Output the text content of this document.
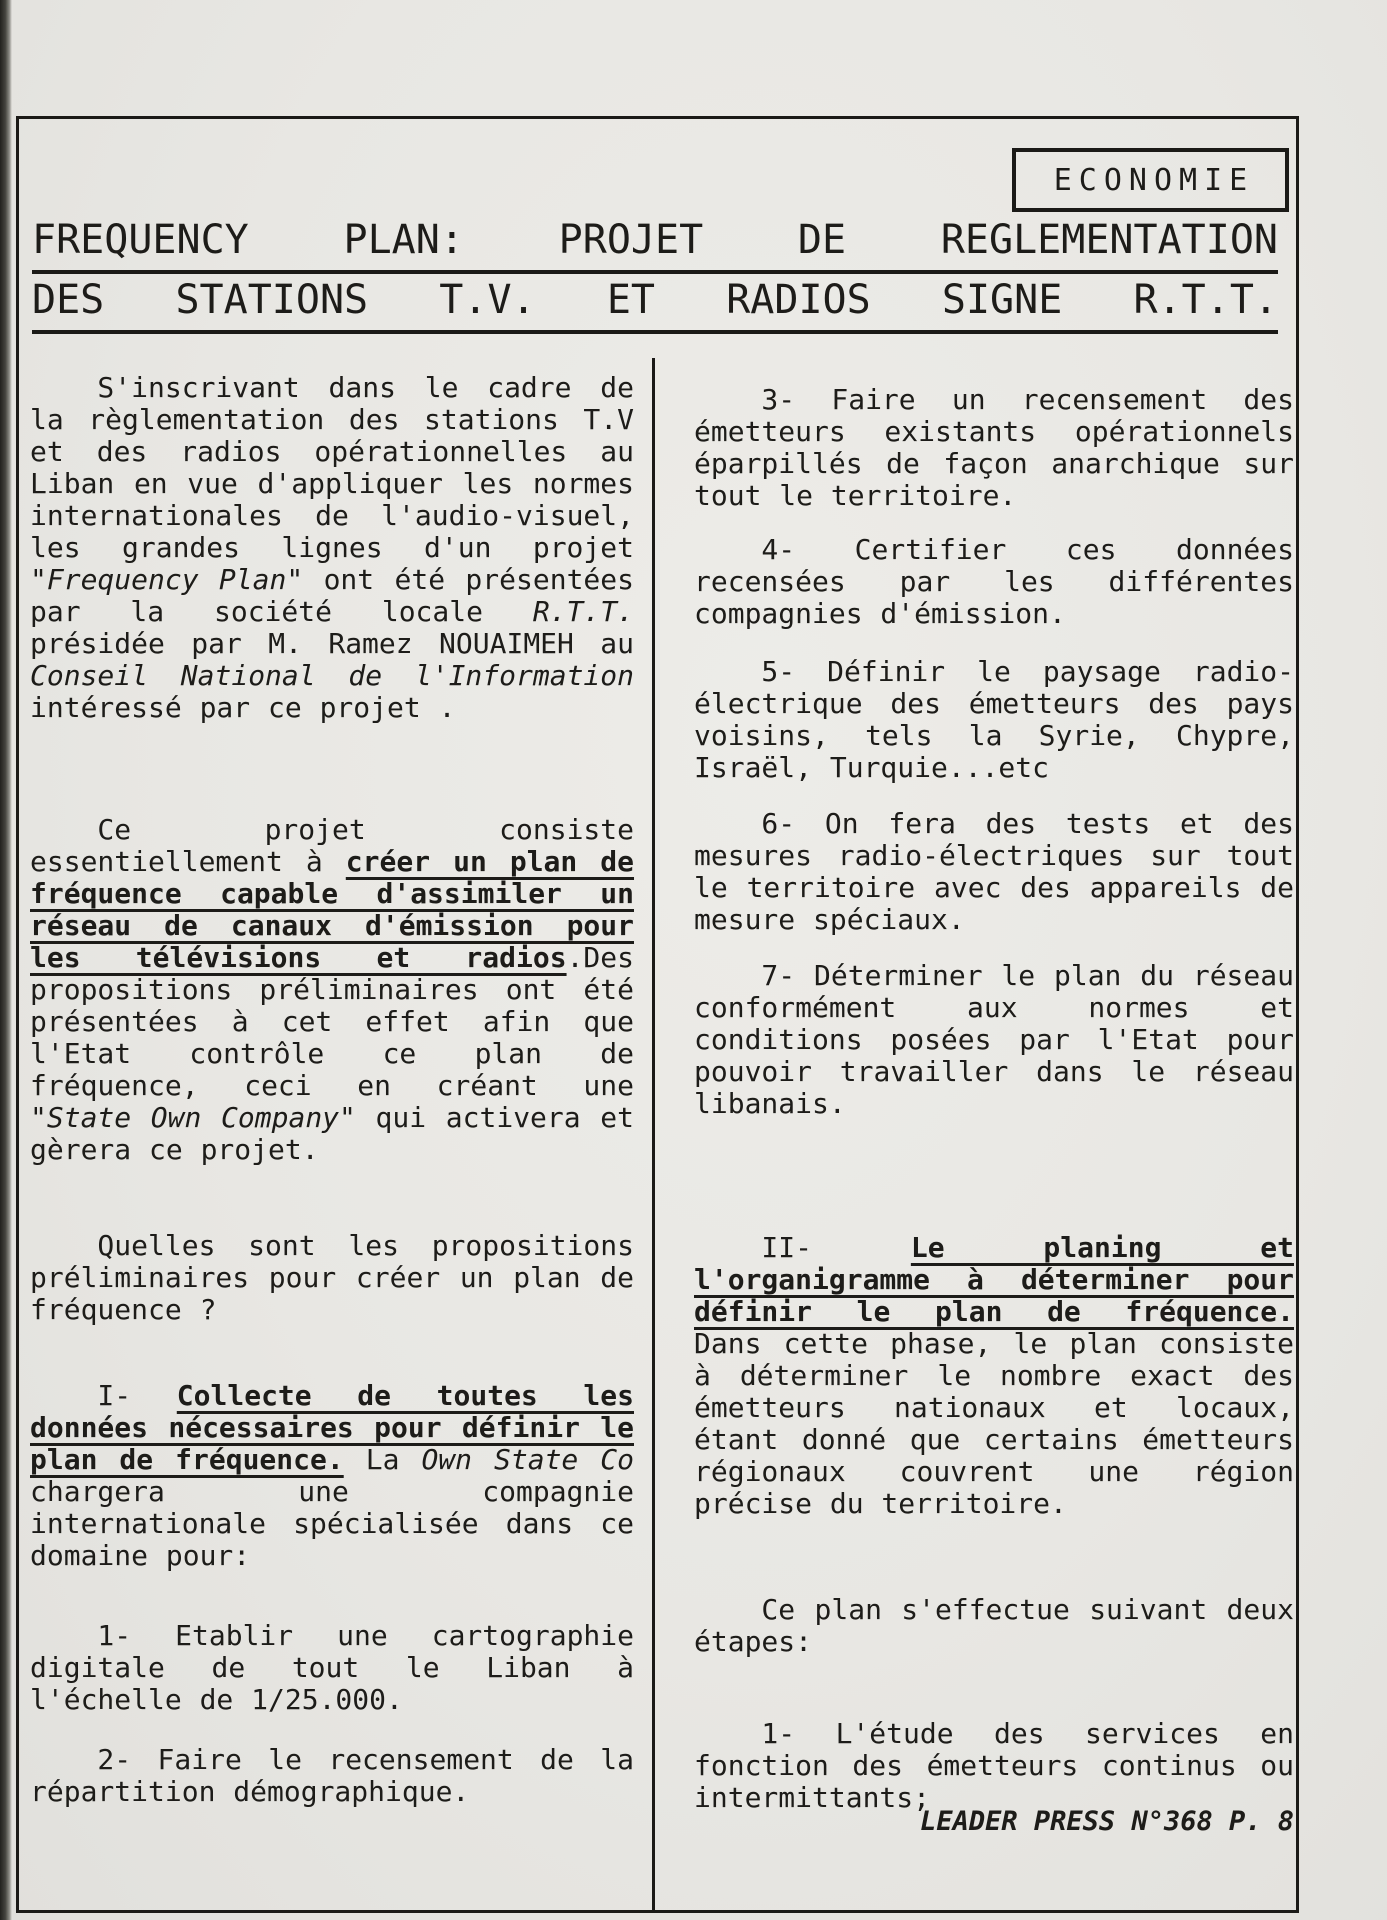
ECONOMIE
FREQUENCY PLAN: PROJET DE REGLEMENTATION
DES STATIONS T.V. ET RADIOS SIGNE R.T.T.

S'inscrivant dans le cadre de la règlementation des stations T.V et des radios opérationnelles au Liban en vue d'appliquer les normes internationales de l'audio-visuel, les grandes lignes d'un projet "Frequency Plan" ont été présentées par la société locale R.T.T. présidée par M. Ramez NOUAIMEH au Conseil National de l'Information intéressé par ce projet .

Ce projet consiste essentiellement à créer un plan de fréquence capable d'assimiler un réseau de canaux d'émission pour les télévisions et radios.Des propositions préliminaires ont été présentées à cet effet afin que l'Etat contrôle ce plan de fréquence, ceci en créant une "State Own Company" qui activera et gèrera ce projet.

Quelles sont les propositions préliminaires pour créer un plan de fréquence ?

I- Collecte de toutes les données nécessaires pour définir le plan de fréquence. La Own State Co chargera une compagnie internationale spécialisée dans ce domaine pour:

1- Etablir une cartographie digitale de tout le Liban à l'échelle de 1/25.000.

2- Faire le recensement de la répartition démographique.

3- Faire un recensement des émetteurs existants opérationnels éparpillés de façon anarchique sur tout le territoire.

4- Certifier ces données recensées par les différentes compagnies d'émission.

5- Définir le paysage radio-électrique des émetteurs des pays voisins, tels la Syrie, Chypre, Israël, Turquie...etc

6- On fera des tests et des mesures radio-électriques sur tout le territoire avec des appareils de mesure spéciaux.

7- Déterminer le plan du réseau conformément aux normes et conditions posées par l'Etat pour pouvoir travailler dans le réseau libanais.

II- Le planing et l'organigramme à déterminer pour définir le plan de fréquence.
Dans cette phase, le plan consiste à déterminer le nombre exact des émetteurs nationaux et locaux, étant donné que certains émetteurs régionaux couvrent une région précise du territoire.

Ce plan s'effectue suivant deux étapes:

1- L'étude des services en fonction des émetteurs continus ou intermittants;

LEADER PRESS N°368 P. 8
